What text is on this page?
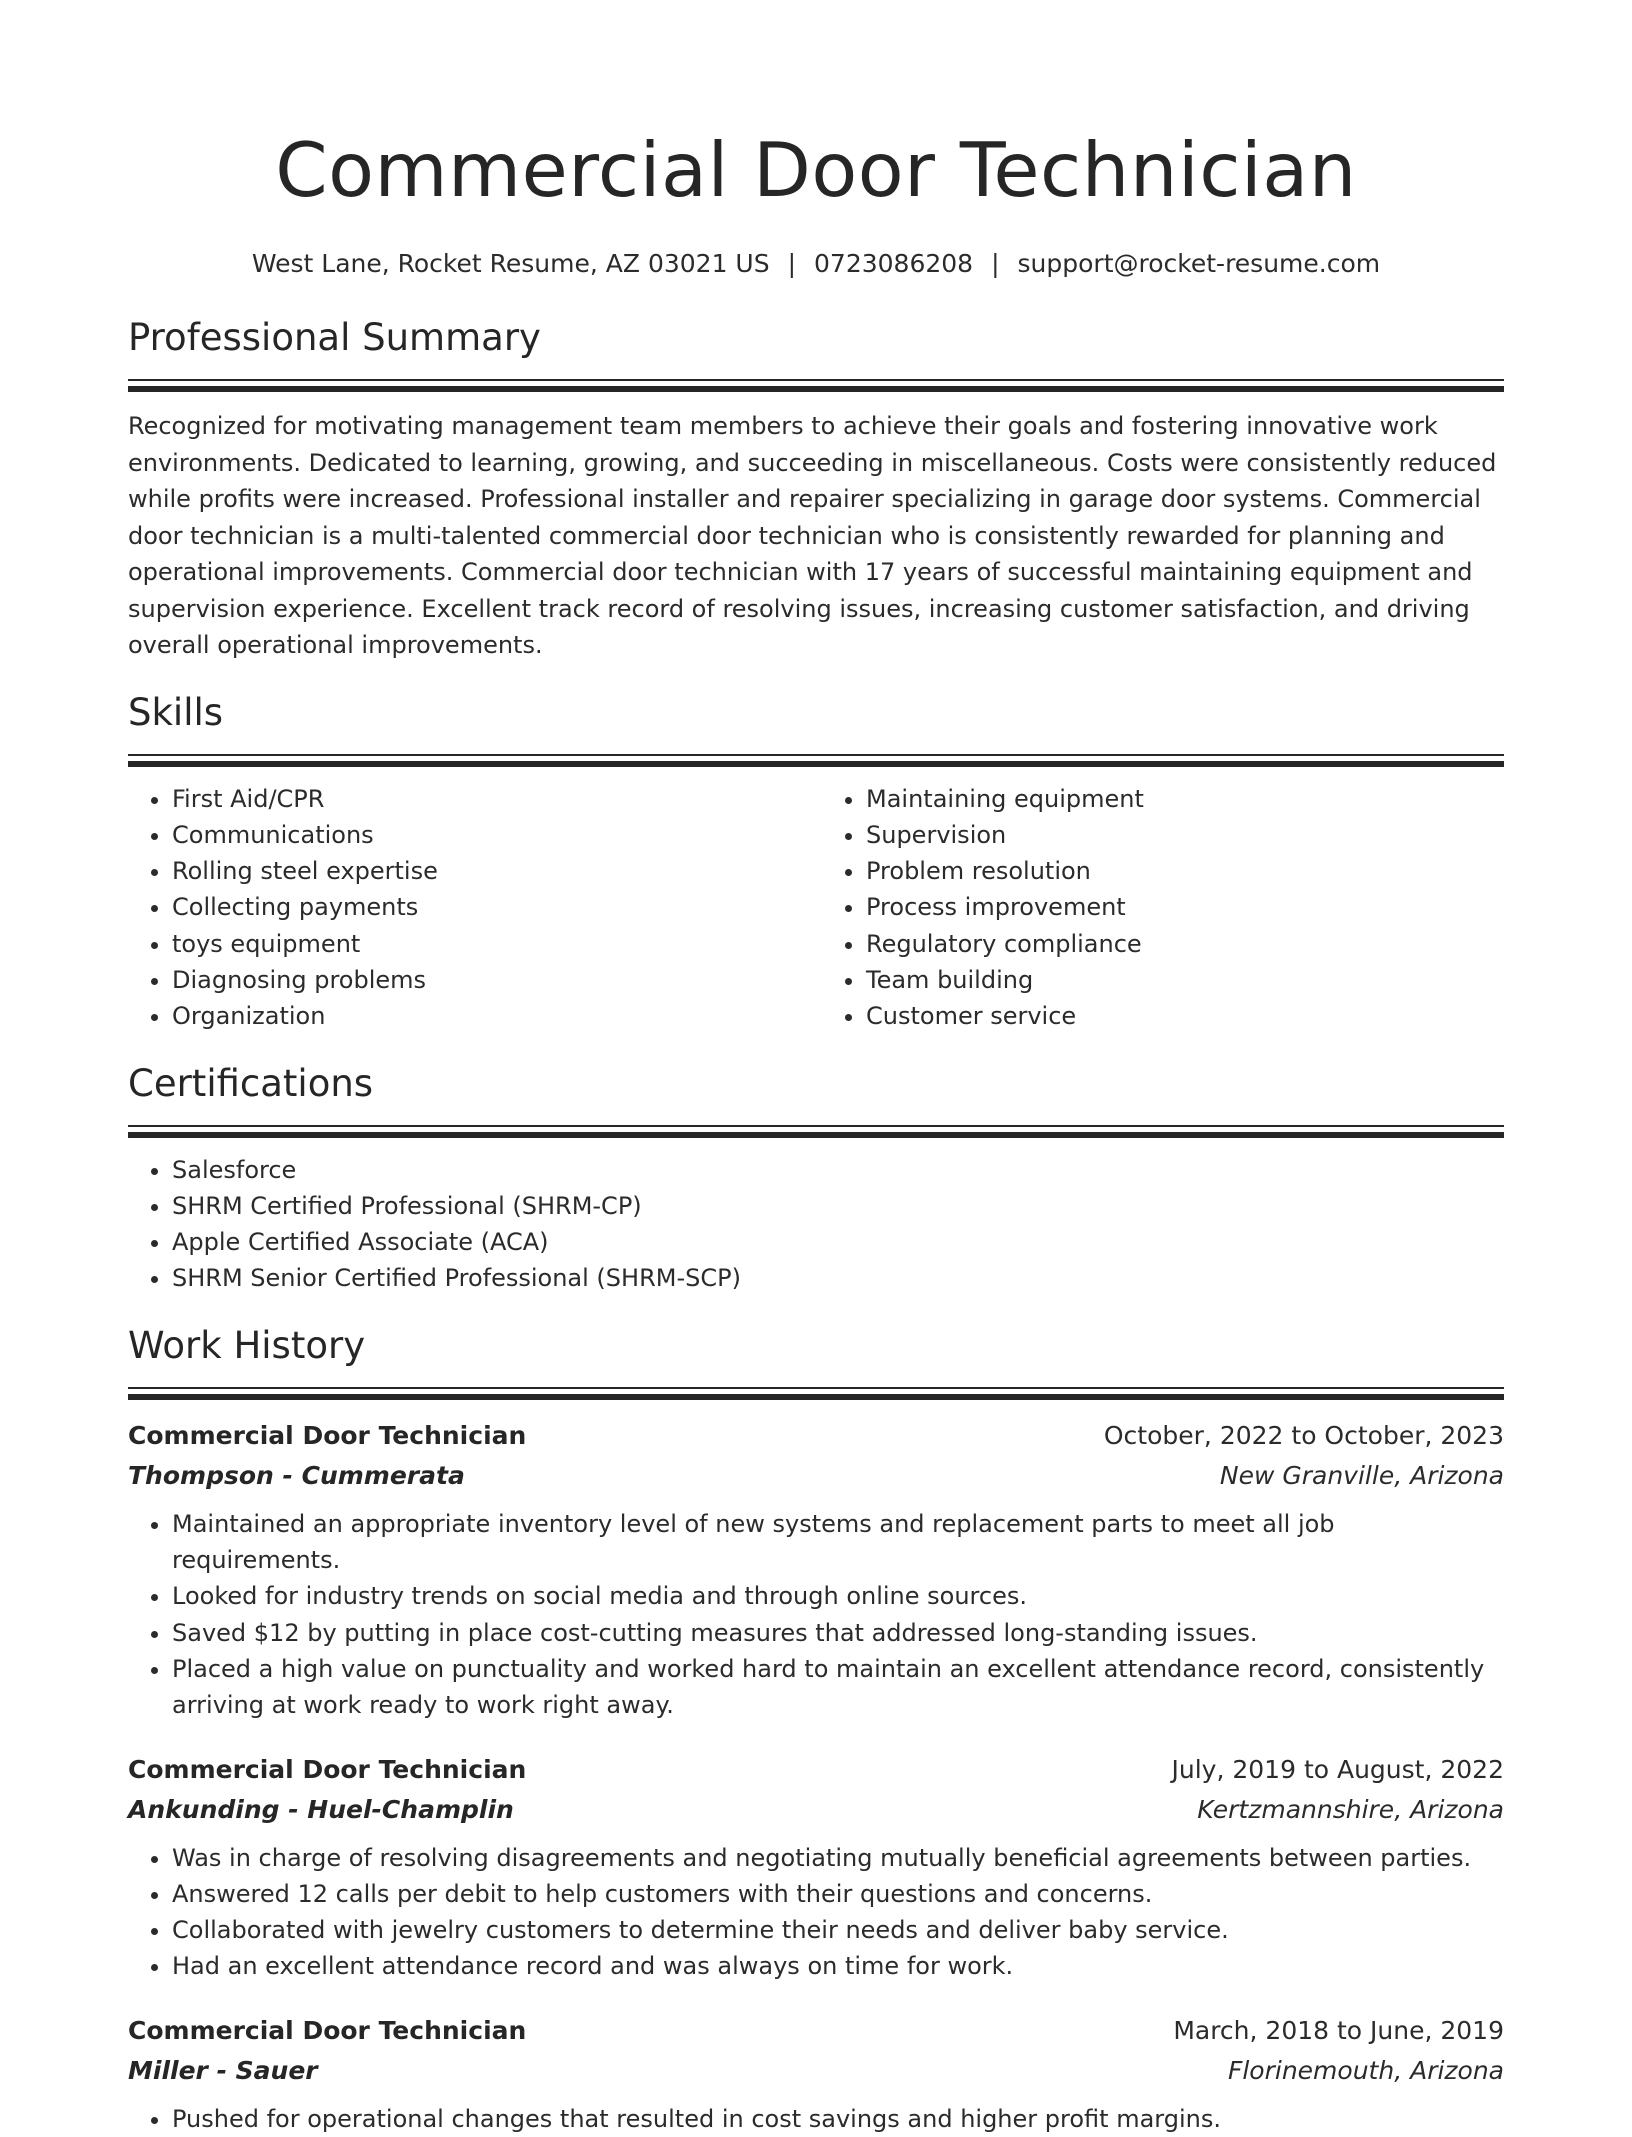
Commercial Door Technician
West Lane, Rocket Resume, AZ 03021 US | 0723086208 | support@rocket-resume.com
Professional Summary

Recognized for motivating management team members to achieve their goals and fostering innovative work environments. Dedicated to learning, growing, and succeeding in miscellaneous. Costs were consistently reduced while profits were increased. Professional installer and repairer specializing in garage door systems. Commercial door technician is a multi-talented commercial door technician who is consistently rewarded for planning and operational improvements. Commercial door technician with 17 years of successful maintaining equipment and supervision experience. Excellent track record of resolving issues, increasing customer satisfaction, and driving overall operational improvements.

Skills
• First Aid/CPR
• Communications
• Rolling steel expertise
• Collecting payments
• toys equipment
• Diagnosing problems
• Organization
• Maintaining equipment
• Supervision
• Problem resolution
• Process improvement
• Regulatory compliance
• Team building
• Customer service
Certifications
• Salesforce
• SHRM Certified Professional (SHRM-CP)
• Apple Certified Associate (ACA)
• SHRM Senior Certified Professional (SHRM-SCP)
Work History
Commercial Door Technician	October, 2022 to October, 2023
Thompson - Cummerata	New Granville, Arizona
• Maintained an appropriate inventory level of new systems and replacement parts to meet all job requirements.
• Looked for industry trends on social media and through online sources.
• Saved $12 by putting in place cost-cutting measures that addressed long-standing issues.
• Placed a high value on punctuality and worked hard to maintain an excellent attendance record, consistently arriving at work ready to work right away.
Commercial Door Technician	July, 2019 to August, 2022
Ankunding - Huel-Champlin	Kertzmannshire, Arizona
• Was in charge of resolving disagreements and negotiating mutually beneficial agreements between parties.
• Answered 12 calls per debit to help customers with their questions and concerns.
• Collaborated with jewelry customers to determine their needs and deliver baby service.
• Had an excellent attendance record and was always on time for work.
Commercial Door Technician	March, 2018 to June, 2019
Miller - Sauer	Florinemouth, Arizona
• Pushed for operational changes that resulted in cost savings and higher profit margins.
